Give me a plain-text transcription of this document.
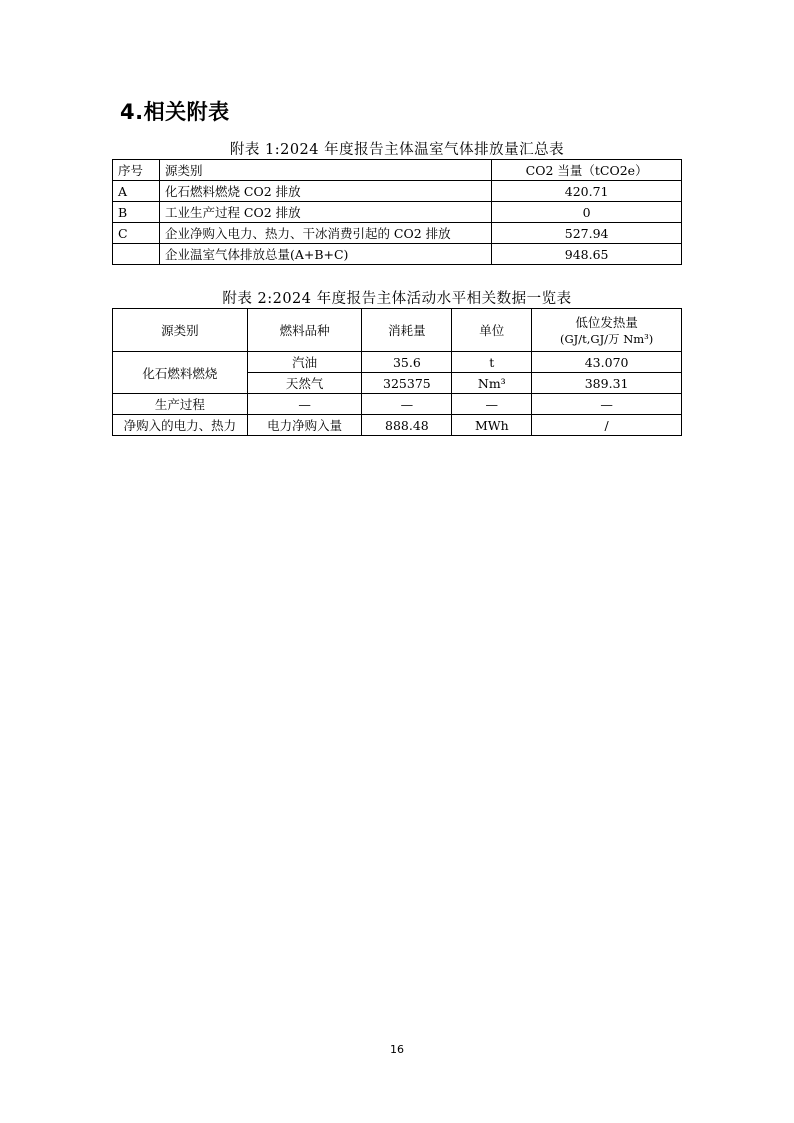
4.相关附表
附表 1:2024 年度报告主体温室气体排放量汇总表
序号	源类别	CO2 当量（tCO2e）
A	化石燃料燃烧 CO2 排放	420.71
B	工业生产过程 CO2 排放	0
C	企业净购入电力、热力、干冰消费引起的 CO2 排放	527.94
	企业温室气体排放总量(A+B+C)	948.65
附表 2:2024 年度报告主体活动水平相关数据一览表
源类别	燃料品种	消耗量	单位	低位发热量
(GJ/t,GJ/万 Nm³)

化石燃料燃烧	汽油	35.6	t	43.070
	天然气	325375	Nm³	389.31
生产过程	—	—	—	—
净购入的电力、热力	电力净购入量	888.48	MWh	/
16
